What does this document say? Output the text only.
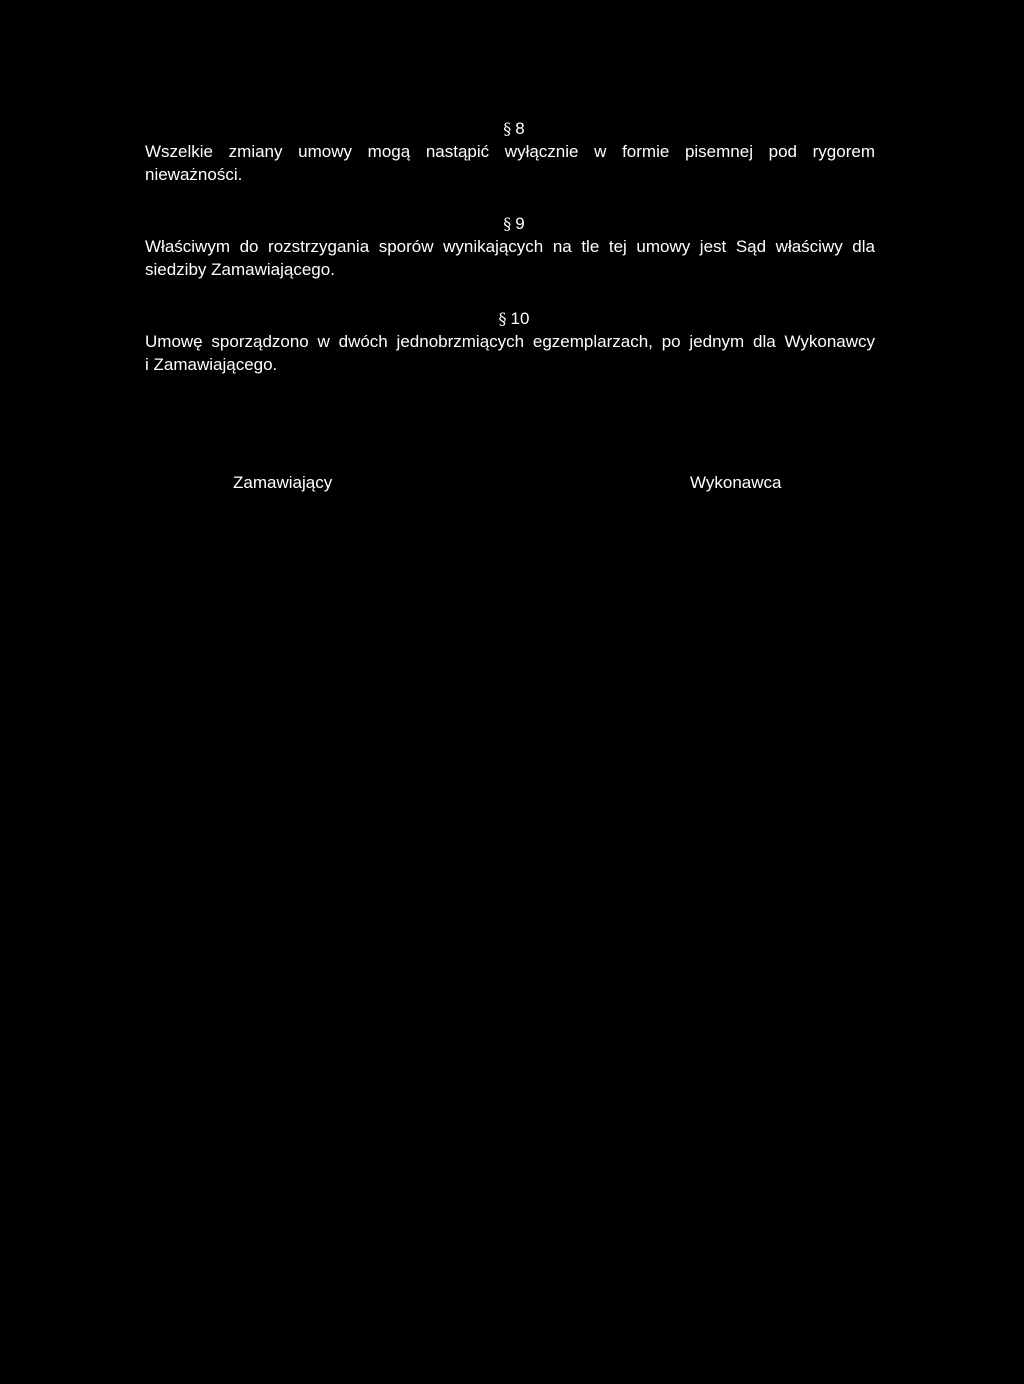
§ 8
Wszelkie zmiany umowy mogą nastąpić wyłącznie w formie pisemnej pod rygorem
nieważności.
§ 9
Właściwym do rozstrzygania sporów wynikających na tle tej umowy jest Sąd właściwy dla
siedziby Zamawiającego.
§ 10
Umowę sporządzono w dwóch jednobrzmiących egzemplarzach, po jednym dla Wykonawcy
i Zamawiającego.
Zamawiający	Wykonawca
